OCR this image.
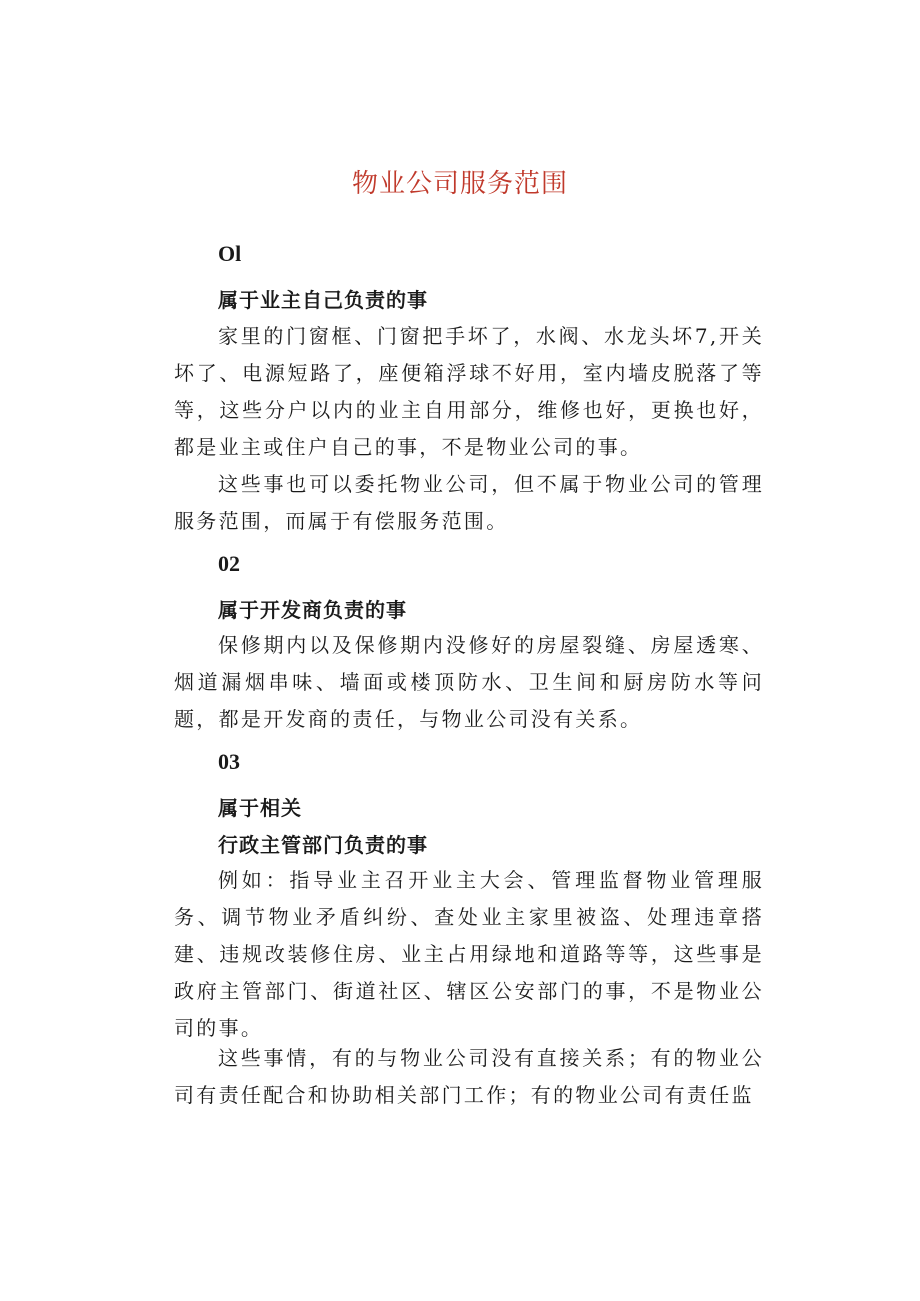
物业公司服务范围
Ol
属于业主自己负责的事

家里的门窗框、门窗把手坏了，水阀、水龙头坏7,开关坏了、电源短路了，座便箱浮球不好用，室内墙皮脱落了等等，这些分户以内的业主自用部分，维修也好，更换也好，都是业主或住户自己的事，不是物业公司的事。

这些事也可以委托物业公司，但不属于物业公司的管理服务范围，而属于有偿服务范围。

02
属于开发商负责的事

保修期内以及保修期内没修好的房屋裂缝、房屋透寒、烟道漏烟串味、墙面或楼顶防水、卫生间和厨房防水等问题，都是开发商的责任，与物业公司没有关系。

03
属于相关
行政主管部门负责的事

例如：指导业主召开业主大会、管理监督物业管理服务、调节物业矛盾纠纷、查处业主家里被盗、处理违章搭建、违规改装修住房、业主占用绿地和道路等等，这些事是政府主管部门、街道社区、辖区公安部门的事，不是物业公司的事。

这些事情，有的与物业公司没有直接关系；有的物业公司有责任配合和协助相关部门工作；有的物业公司有责任监
